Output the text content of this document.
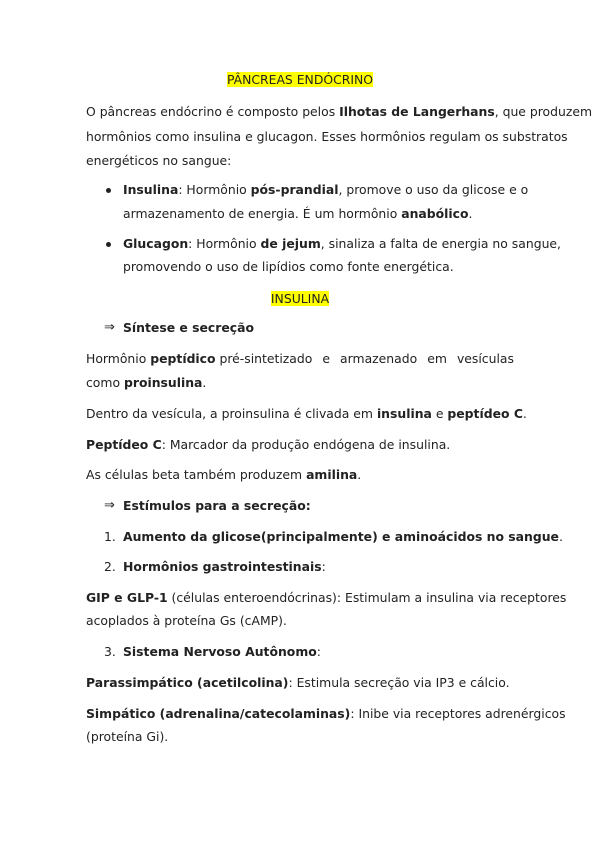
PÂNCREAS ENDÓCRINO
O pâncreas endócrino é composto pelos Ilhotas de Langerhans, que produzem
hormônios como insulina e glucagon. Esses hormônios regulam os substratos
energéticos no sangue:
Insulina: Hormônio pós-prandial, promove o uso da glicose e o
armazenamento de energia. É um hormônio anabólico.
Glucagon: Hormônio de jejum, sinaliza a falta de energia no sangue,
promovendo o uso de lipídios como fonte energética.
INSULINA
⇒ Síntese e secreção
Hormônio peptídico pré-sintetizado e armazenado em vesículas
como proinsulina.
Dentro da vesícula, a proinsulina é clivada em insulina e peptídeo C.
Peptídeo C: Marcador da produção endógena de insulina.
As células beta também produzem amilina.
⇒ Estímulos para a secreção:
1. Aumento da glicose(principalmente) e aminoácidos no sangue.
2. Hormônios gastrointestinais:
GIP e GLP-1 (células enteroendócrinas): Estimulam a insulina via receptores
acoplados à proteína Gs (cAMP).
3. Sistema Nervoso Autônomo:
Parassimpático (acetilcolina): Estimula secreção via IP3 e cálcio.
Simpático (adrenalina/catecolaminas): Inibe via receptores adrenérgicos
(proteína Gi).
